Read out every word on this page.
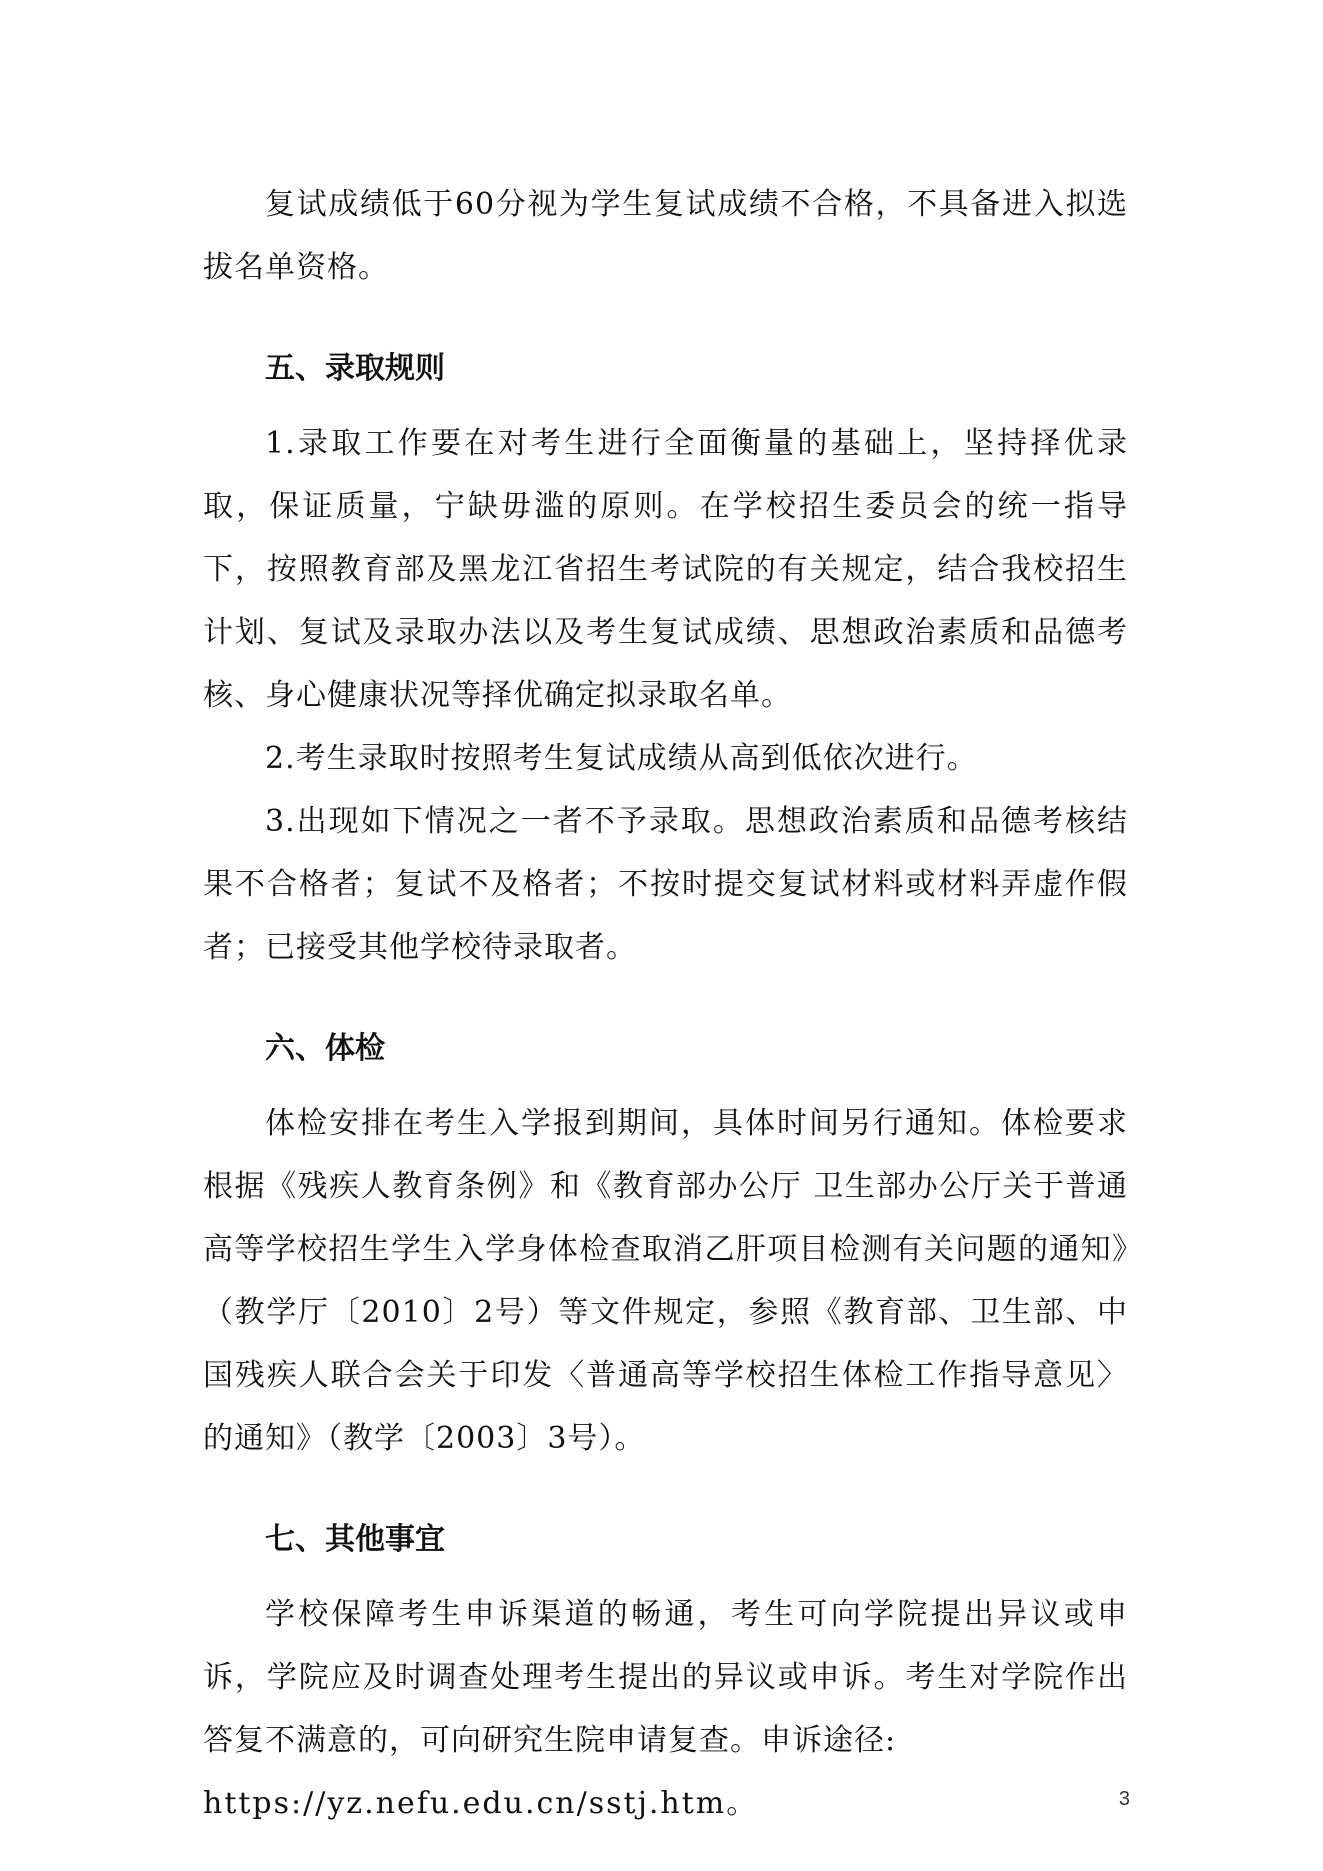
复试成绩低于60分视为学生复试成绩不合格，不具备进入拟选拔名单资格。

五、录取规则

1.录取工作要在对考生进行全面衡量的基础上，坚持择优录取，保证质量，宁缺毋滥的原则。在学校招生委员会的统一指导下，按照教育部及黑龙江省招生考试院的有关规定，结合我校招生计划、复试及录取办法以及考生复试成绩、思想政治素质和品德考核、身心健康状况等择优确定拟录取名单。

2.考生录取时按照考生复试成绩从高到低依次进行。

3.出现如下情况之一者不予录取。思想政治素质和品德考核结果不合格者；复试不及格者；不按时提交复试材料或材料弄虚作假者；已接受其他学校待录取者。

六、体检

体检安排在考生入学报到期间，具体时间另行通知。体检要求根据《残疾人教育条例》和《教育部办公厅 卫生部办公厅关于普通高等学校招生学生入学身体检查取消乙肝项目检测有关问题的通知》（教学厅〔2010〕2号）等文件规定，参照《教育部、卫生部、中国残疾人联合会关于印发〈普通高等学校招生体检工作指导意见〉的通知》（教学〔2003〕3号）。

七、其他事宜

学校保障考生申诉渠道的畅通，考生可向学院提出异议或申诉，学院应及时调查处理考生提出的异议或申诉。考生对学院作出答复不满意的，可向研究生院申请复查。申诉途径:

https://yz.nefu.edu.cn/sstj.htm。	3
